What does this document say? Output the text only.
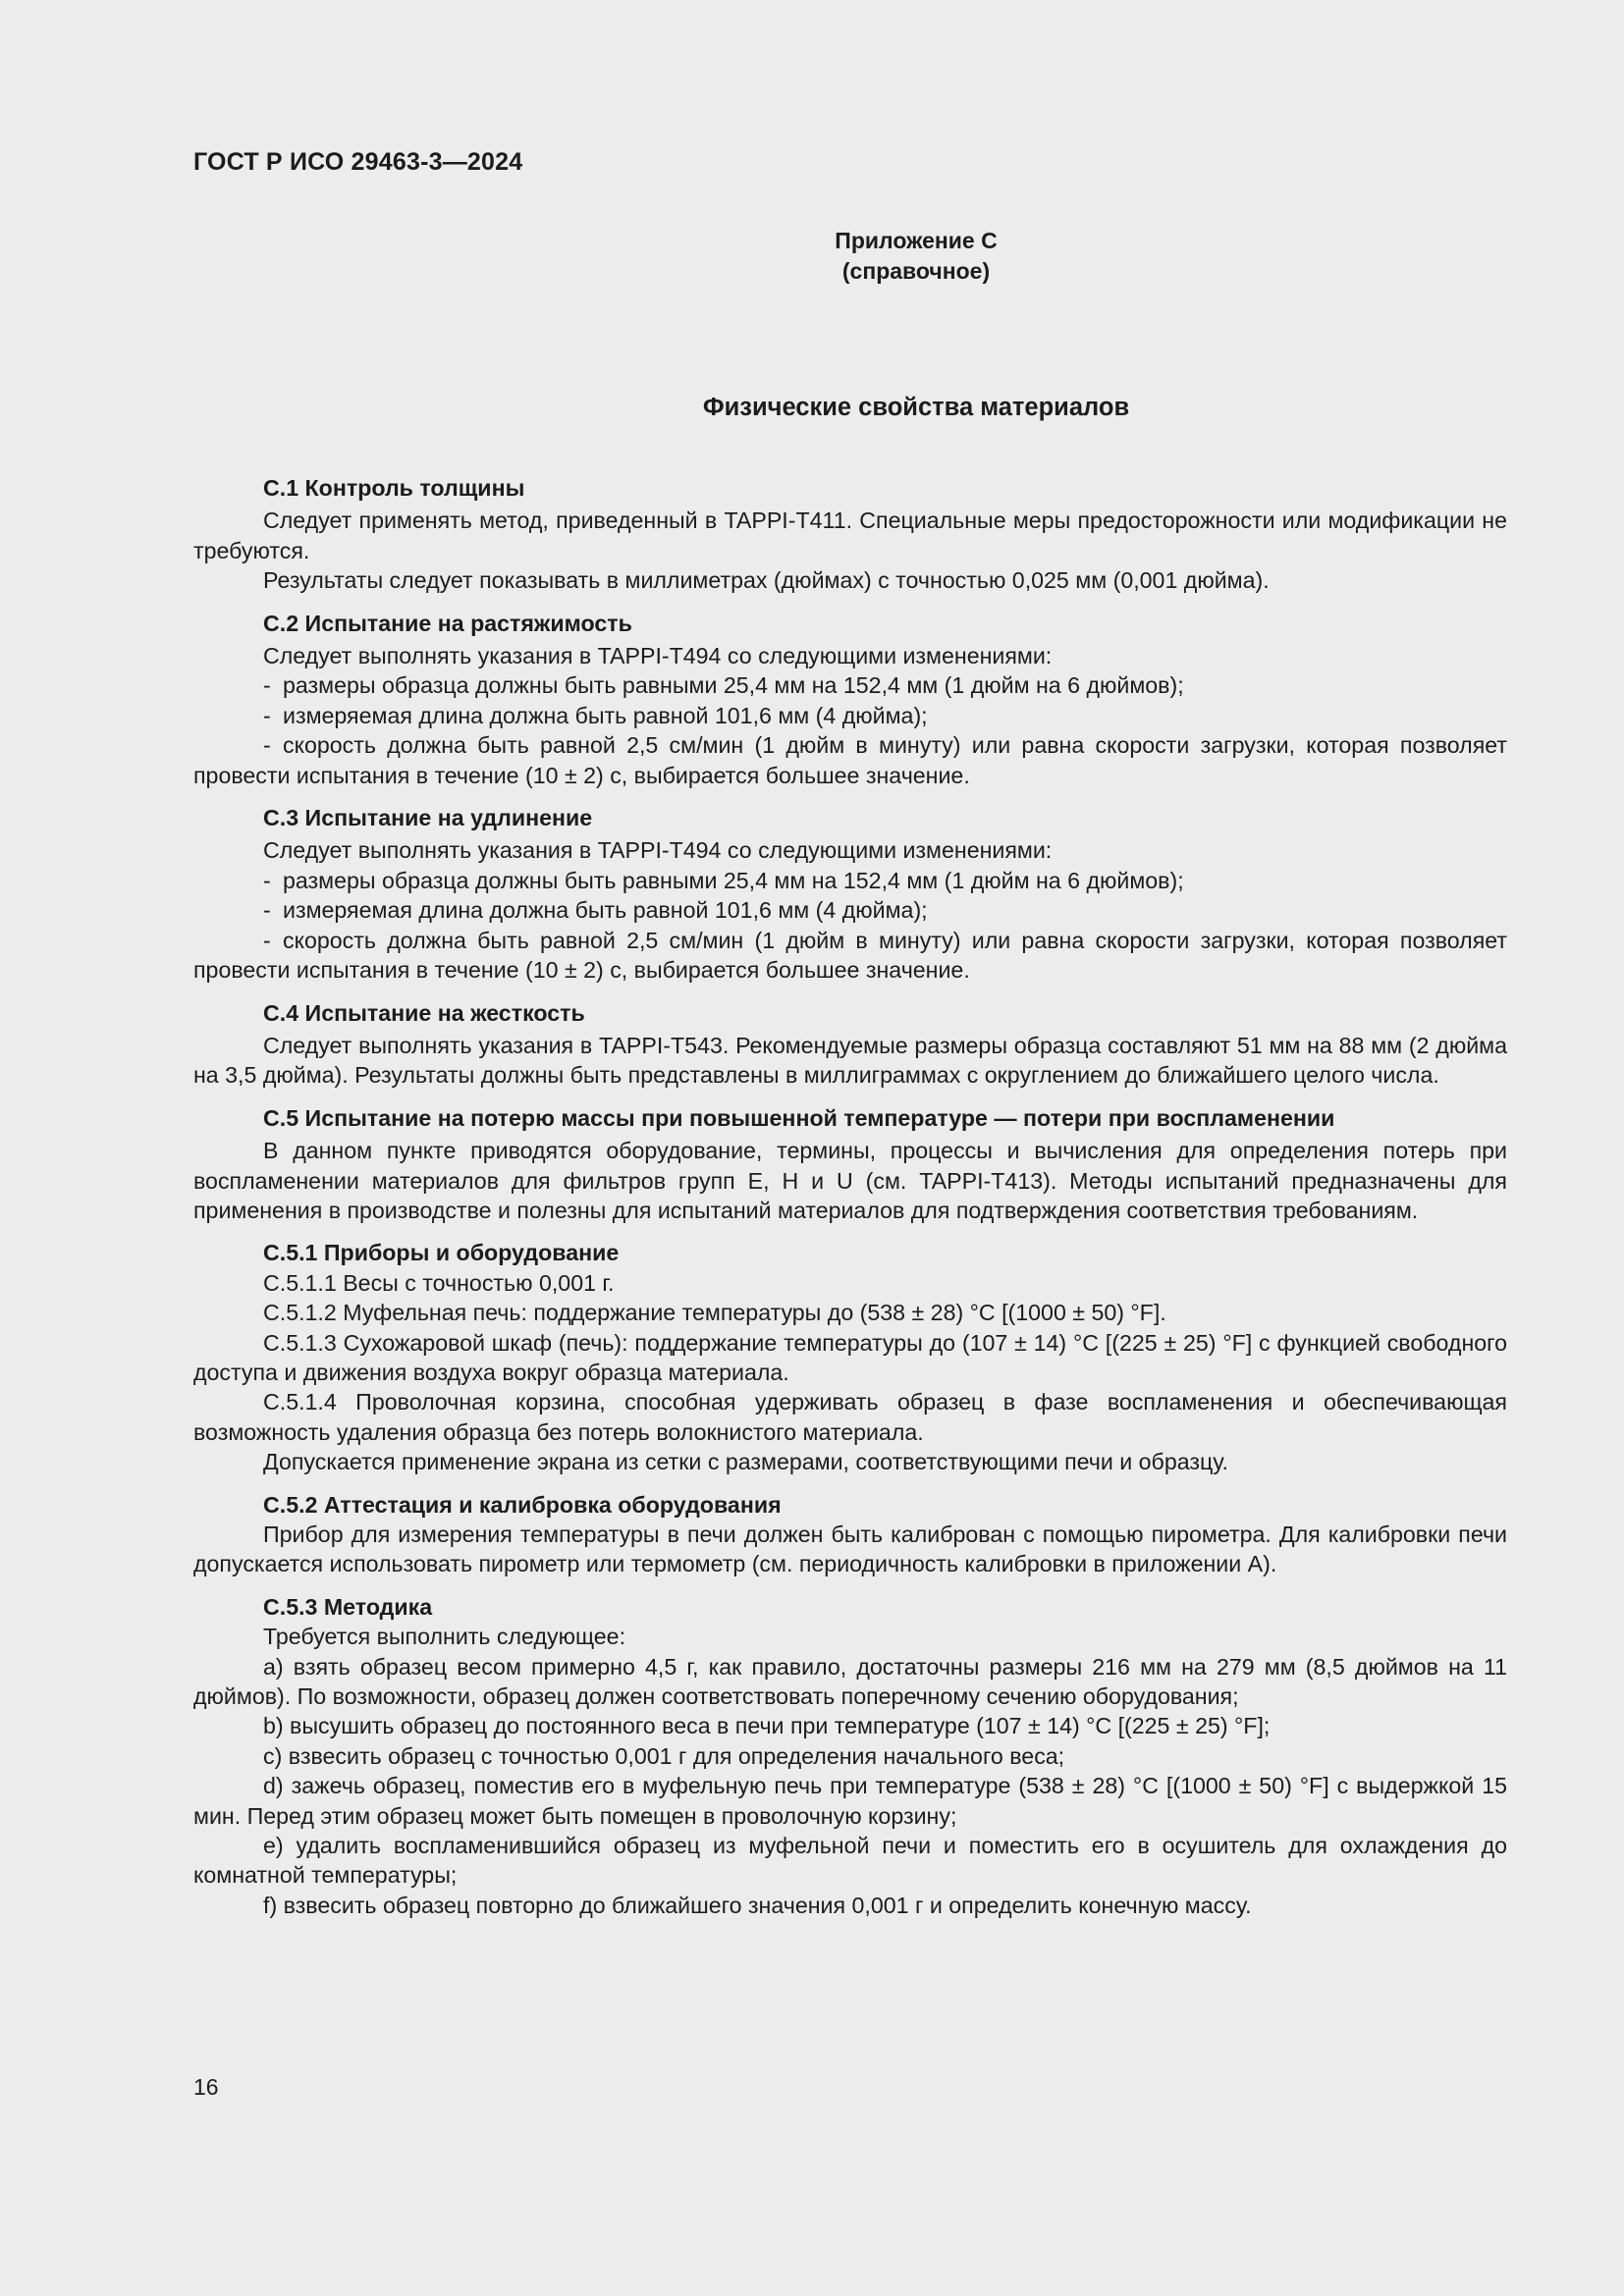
ГОСТ Р ИСО 29463-3—2024
Приложение C
(справочное)
Физические свойства материалов
C.1 Контроль толщины

Следует применять метод, приведенный в TAPPI-T411. Специальные меры предосторожности или модификации не требуются.

Результаты следует показывать в миллиметрах (дюймах) с точностью 0,025 мм (0,001 дюйма).

C.2 Испытание на растяжимость

Следует выполнять указания в TAPPI-T494 со следующими изменениями:

- размеры образца должны быть равными 25,4 мм на 152,4 мм (1 дюйм на 6 дюймов);
- измеряемая длина должна быть равной 101,6 мм (4 дюйма);
- скорость должна быть равной 2,5 см/мин (1 дюйм в минуту) или равна скорости загрузки, которая позволяет провести испытания в течение (10 ± 2) с, выбирается большее значение.
C.3 Испытание на удлинение

Следует выполнять указания в TAPPI-T494 со следующими изменениями:

- размеры образца должны быть равными 25,4 мм на 152,4 мм (1 дюйм на 6 дюймов);
- измеряемая длина должна быть равной 101,6 мм (4 дюйма);
- скорость должна быть равной 2,5 см/мин (1 дюйм в минуту) или равна скорости загрузки, которая позволяет провести испытания в течение (10 ± 2) с, выбирается большее значение.
C.4 Испытание на жесткость

Следует выполнять указания в TAPPI-T543. Рекомендуемые размеры образца составляют 51 мм на 88 мм (2 дюйма на 3,5 дюйма). Результаты должны быть представлены в миллиграммах с округлением до ближайшего целого числа.

C.5 Испытание на потерю массы при повышенной температуре — потери при воспламенении

В данном пункте приводятся оборудование, термины, процессы и вычисления для определения потерь при воспламенении материалов для фильтров групп E, H и U (см. TAPPI-T413). Методы испытаний предназначены для применения в производстве и полезны для испытаний материалов для подтверждения соответствия требованиям.

C.5.1 Приборы и оборудование

C.5.1.1 Весы с точностью 0,001 г.

C.5.1.2 Муфельная печь: поддержание температуры до (538 ± 28) °C [(1000 ± 50) °F].

C.5.1.3 Сухожаровой шкаф (печь): поддержание температуры до (107 ± 14) °C [(225 ± 25) °F] с функцией свободного доступа и движения воздуха вокруг образца материала.

C.5.1.4 Проволочная корзина, способная удерживать образец в фазе воспламенения и обеспечивающая возможность удаления образца без потерь волокнистого материала.

Допускается применение экрана из сетки с размерами, соответствующими печи и образцу.

C.5.2 Аттестация и калибровка оборудования

Прибор для измерения температуры в печи должен быть калиброван с помощью пирометра. Для калибровки печи допускается использовать пирометр или термометр (см. периодичность калибровки в приложении A).

C.5.3 Методика

Требуется выполнить следующее:

a) взять образец весом примерно 4,5 г, как правило, достаточны размеры 216 мм на 279 мм (8,5 дюймов на 11 дюймов). По возможности, образец должен соответствовать поперечному сечению оборудования;

b) высушить образец до постоянного веса в печи при температуре (107 ± 14) °C [(225 ± 25) °F];

c) взвесить образец с точностью 0,001 г для определения начального веса;

d) зажечь образец, поместив его в муфельную печь при температуре (538 ± 28) °C [(1000 ± 50) °F] с выдержкой 15 мин. Перед этим образец может быть помещен в проволочную корзину;

e) удалить воспламенившийся образец из муфельной печи и поместить его в осушитель для охлаждения до комнатной температуры;

f) взвесить образец повторно до ближайшего значения 0,001 г и определить конечную массу.

16
